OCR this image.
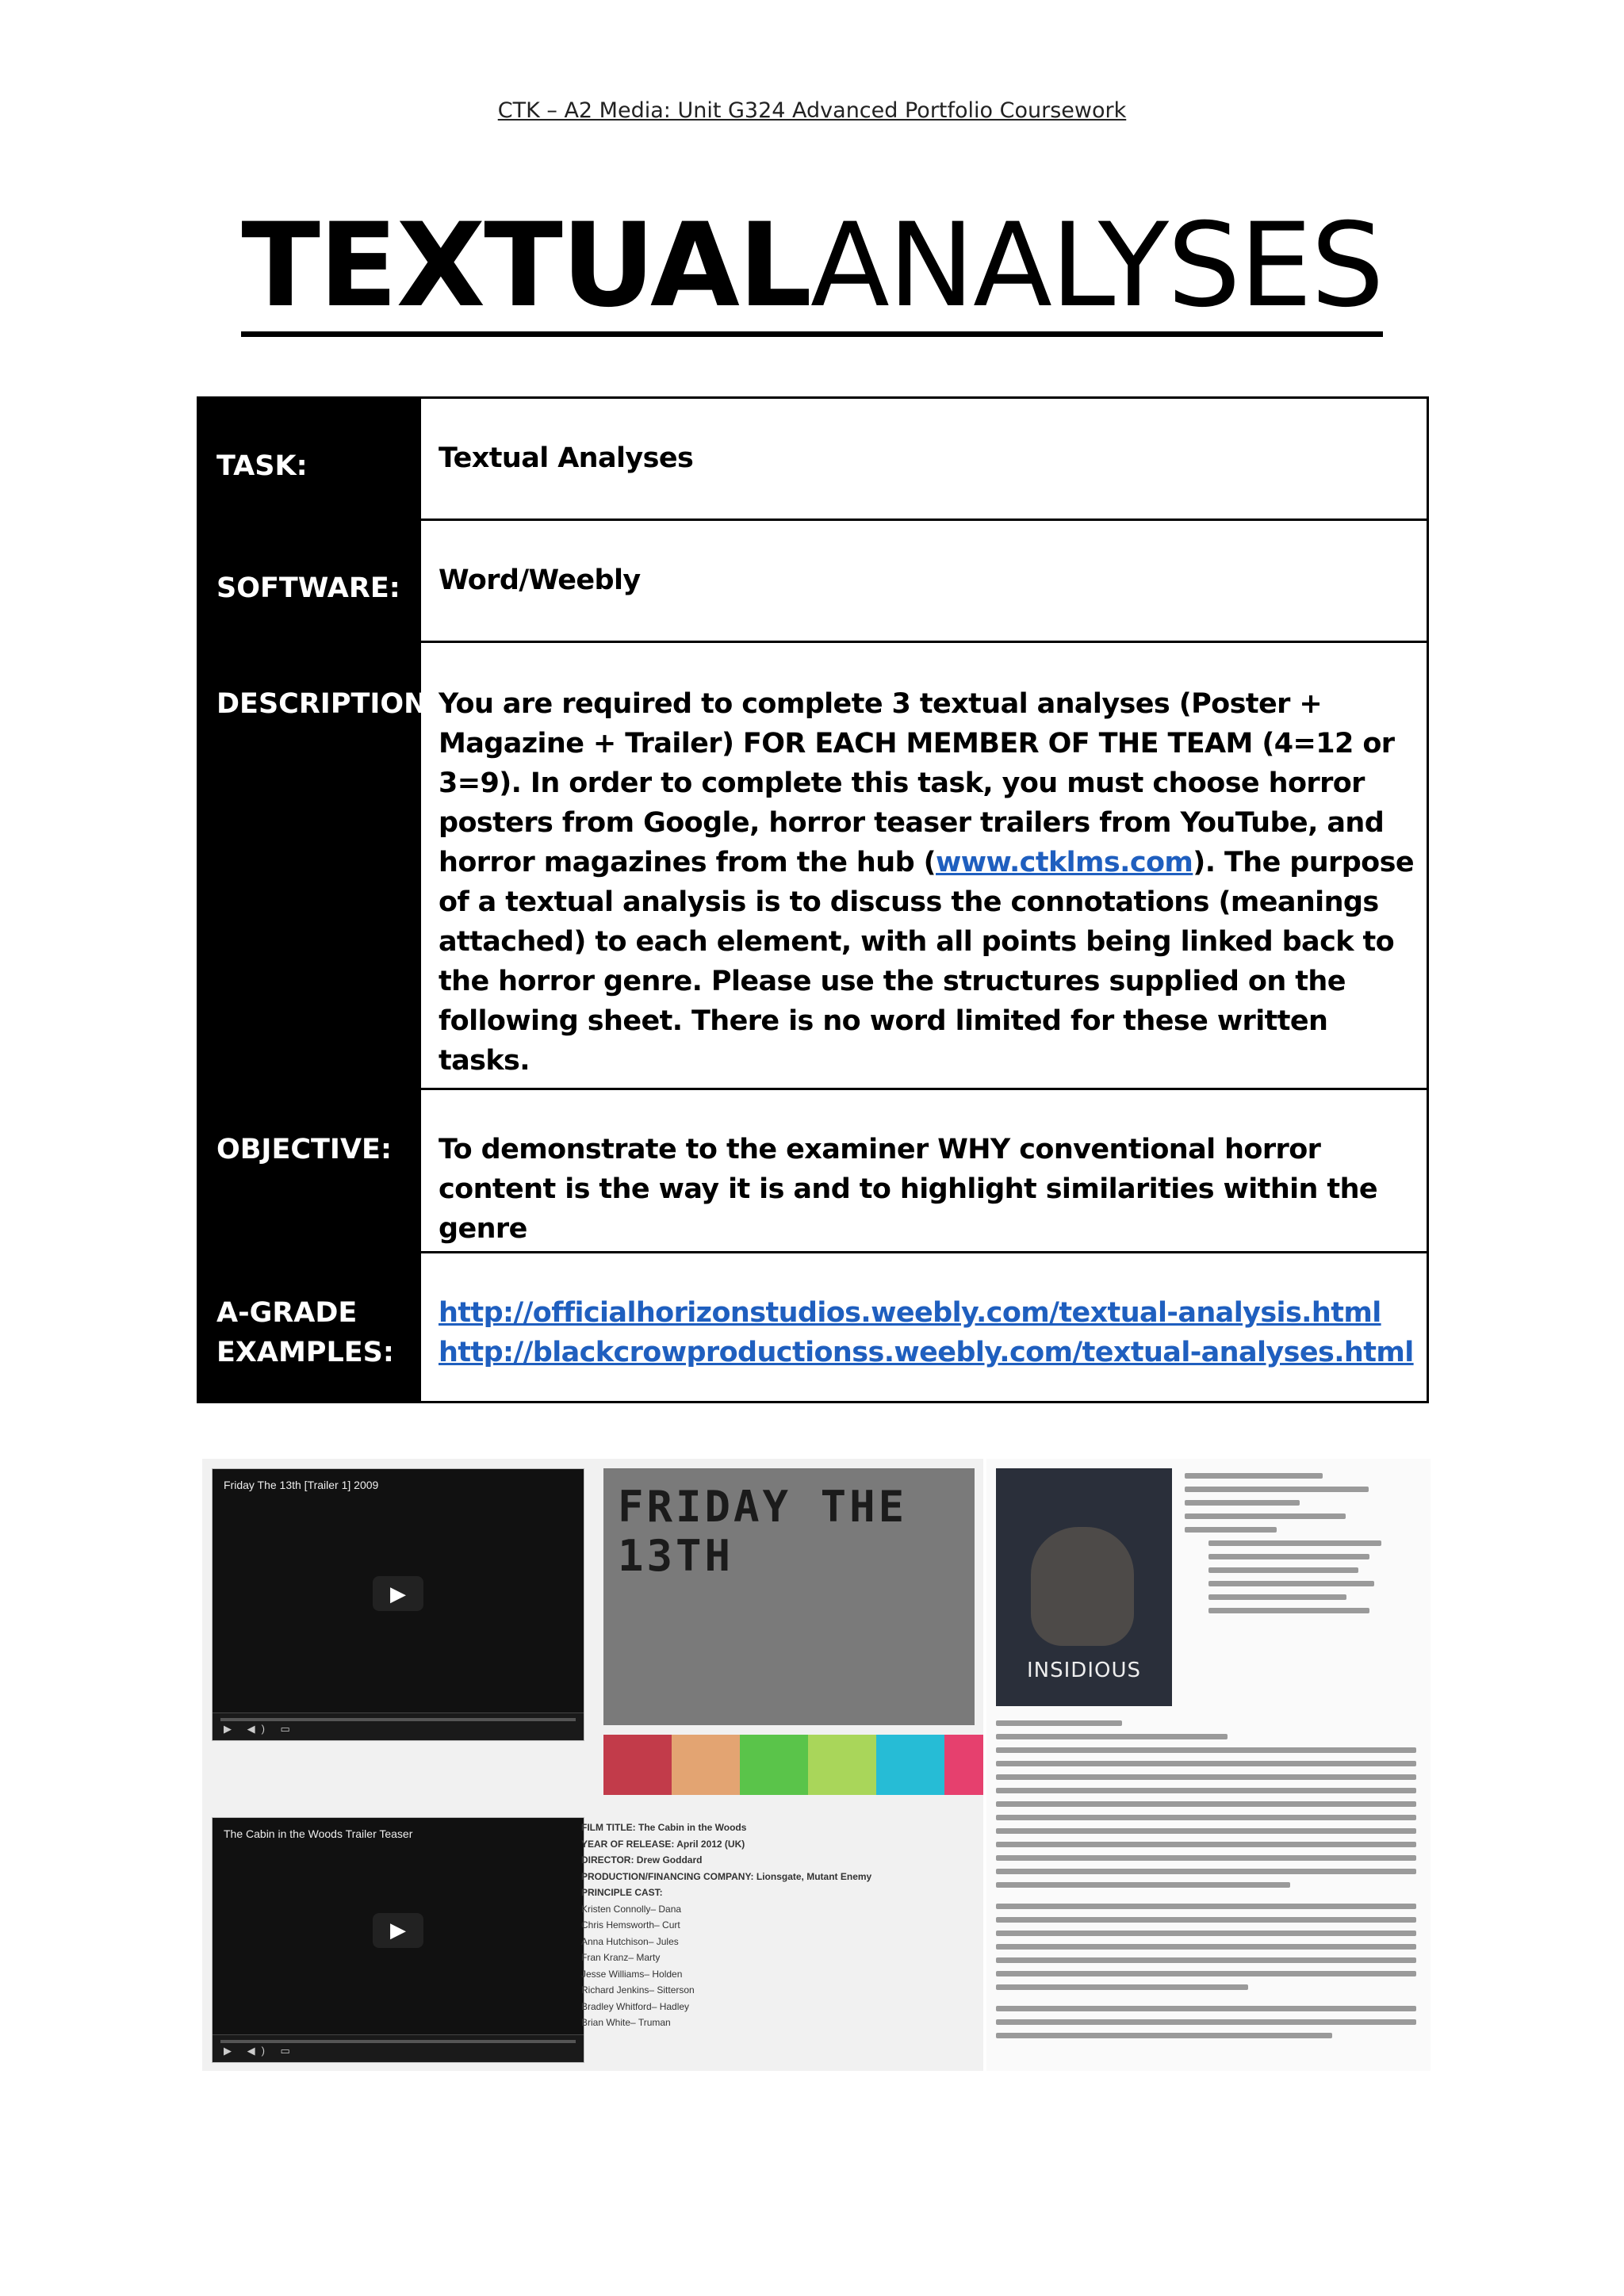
CTK – A2 Media: Unit G324 Advanced Portfolio Coursework
TEXTUALANALYSES
TASK:	Textual Analyses
SOFTWARE:	Word/Weebly
DESCRIPTION: You are required to complete 3 textual analyses (Poster + Magazine + Trailer) FOR EACH MEMBER OF THE TEAM (4=12 or 3=9). In order to complete this task, you must choose horror posters from Google, horror teaser trailers from YouTube, and horror magazines from the hub (www.ctklms.com). The purpose of a textual analysis is to discuss the connotations (meanings attached) to each element, with all points being linked back to the horror genre. Please use the structures supplied on the following sheet. There is no word limited for these written tasks.
OBJECTIVE:	To demonstrate to the examiner WHY conventional horror content is the way it is and to highlight similarities within the genre
A-GRADE EXAMPLES:
http://officialhorizonstudios.weebly.com/textual-analysis.html
http://blackcrowproductionss.weebly.com/textual-analyses.html
Friday The 13th [Trailer 1] 2009
▶
▶ ◀) ▭
FRIDAY THE 13TH

The Cabin in the Woods Trailer Teaser
▶
▶ ◀) ▭
FILM TITLE: The Cabin in the Woods
YEAR OF RELEASE: April 2012 (UK)
DIRECTOR: Drew Goddard
PRODUCTION/FINANCING COMPANY: Lionsgate, Mutant Enemy
PRINCIPLE CAST:
Kristen Connolly– Dana
Chris Hemsworth– Curt
Anna Hutchison– Jules
Fran Kranz– Marty
Jesse Williams– Holden
Richard Jenkins– Sitterson
Bradley Whitford– Hadley
Brian White– Truman
INSIDIOUS
